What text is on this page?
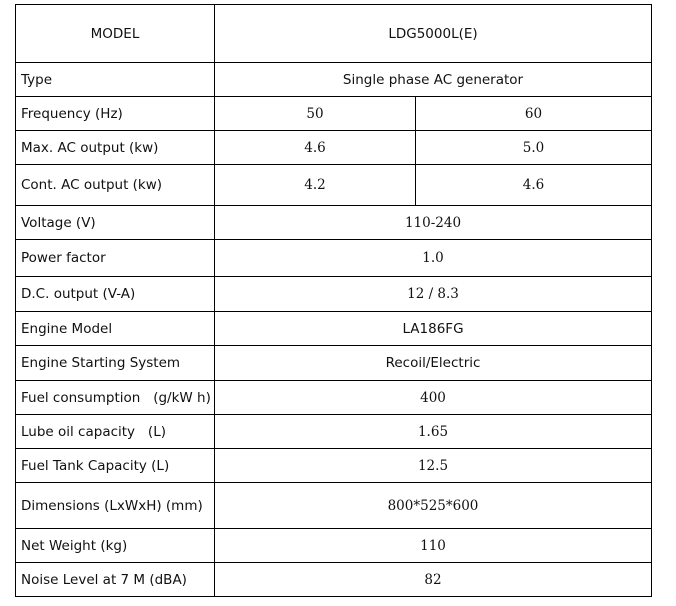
MODEL	LDG5000L(E)	
Type	Single phase AC generator	
Frequency (Hz)	50	60
Max. AC output (kw)	4.6	5.0
Cont. AC output (kw)	4.2	4.6
Voltage (V)	110-240	
Power factor	1.0	
D.C. output (V-A)	12 / 8.3	
Engine Model	LA186FG	
Engine Starting System	Recoil/Electric	
Fuel consumption   (g/kW h)	400	
Lube oil capacity   (L)	1.65	
Fuel Tank Capacity (L)	12.5	
Dimensions (LxWxH) (mm)	800*525*600	
Net Weight (kg)	110	
Noise Level at 7 M (dBA)	82	
